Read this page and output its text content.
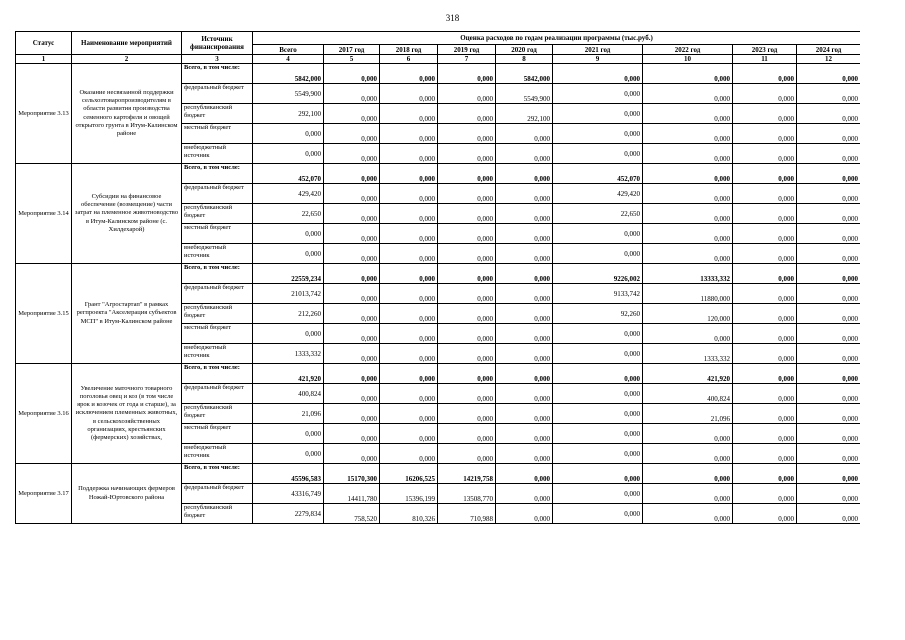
318
Статус	Наименование мероприятий	Источник финансирования	Оценка расходов по годам реализации программы (тыс.руб.)								
			Всего	2017 год	2018 год	2019 год	2020 год	2021 год	2022 год	2023 год	2024 год
1	2	3	4	5	6	7	8	9	10	11	12
Мероприятие 3.13	Оказание несвязанной поддержки сельхозтоваропроизводителям в области развития производства семенного картофеля и овощей открытого грунта в Итум-Калинском районе	Всего, в том числе:	5842,000	0,000	0,000	0,000	5842,000	0,000	0,000	0,000	0,000
		федеральный бюджет	5549,900	0,000	0,000	0,000	5549,900	0,000	0,000	0,000	0,000
		республиканский бюджет	292,100	0,000	0,000	0,000	292,100	0,000	0,000	0,000	0,000
		местный бюджет	0,000	0,000	0,000	0,000	0,000	0,000	0,000	0,000	0,000
		внебюджетный источник	0,000	0,000	0,000	0,000	0,000	0,000	0,000	0,000	0,000
Мероприятие 3.14	Субсидии на финансовое обеспечение (возмещение) части затрат на племенное животноводство в Итум-Калинском районе (с. Хилдехарой)	Всего, в том числе:	452,070	0,000	0,000	0,000	0,000	452,070	0,000	0,000	0,000
		федеральный бюджет	429,420	0,000	0,000	0,000	0,000	429,420	0,000	0,000	0,000
		республиканский бюджет	22,650	0,000	0,000	0,000	0,000	22,650	0,000	0,000	0,000
		местный бюджет	0,000	0,000	0,000	0,000	0,000	0,000	0,000	0,000	0,000
		внебюджетный источник	0,000	0,000	0,000	0,000	0,000	0,000	0,000	0,000	0,000
Мероприятие 3.15	Грант "Агростартап" в рамках регпроекта "Акселерация субъектов МСП" в Итум-Калинском районе	Всего, в том числе:	22559,234	0,000	0,000	0,000	0,000	9226,002	13333,332	0,000	0,000
		федеральный бюджет	21013,742	0,000	0,000	0,000	0,000	9133,742	11880,000	0,000	0,000
		республиканский бюджет	212,260	0,000	0,000	0,000	0,000	92,260	120,000	0,000	0,000
		местный бюджет	0,000	0,000	0,000	0,000	0,000	0,000	0,000	0,000	0,000
		внебюджетный источник	1333,332	0,000	0,000	0,000	0,000	0,000	1333,332	0,000	0,000
Мероприятие 3.16	Увеличение маточного товарного поголовья овец и коз (в том числе ярок и козочек от года и старше), за исключением племенных животных, в сельскохозяйственных организациях, крестьянских (фермерских) хозяйствах,	Всего, в том числе:	421,920	0,000	0,000	0,000	0,000	0,000	421,920	0,000	0,000
		федеральный бюджет	400,824	0,000	0,000	0,000	0,000	0,000	400,824	0,000	0,000
		республиканский бюджет	21,096	0,000	0,000	0,000	0,000	0,000	21,096	0,000	0,000
		местный бюджет	0,000	0,000	0,000	0,000	0,000	0,000	0,000	0,000	0,000
		внебюджетный источник	0,000	0,000	0,000	0,000	0,000	0,000	0,000	0,000	0,000
Мероприятие 3.17	Поддержка начинающих фермеров Ножай-Юртовского района	Всего, в том числе:	45596,583	15170,300	16206,525	14219,758	0,000	0,000	0,000	0,000	0,000
		федеральный бюджет	43316,749	14411,780	15396,199	13508,770	0,000	0,000	0,000	0,000	0,000
		республиканский бюджет	2279,834	758,520	810,326	710,988	0,000	0,000	0,000	0,000	0,000
